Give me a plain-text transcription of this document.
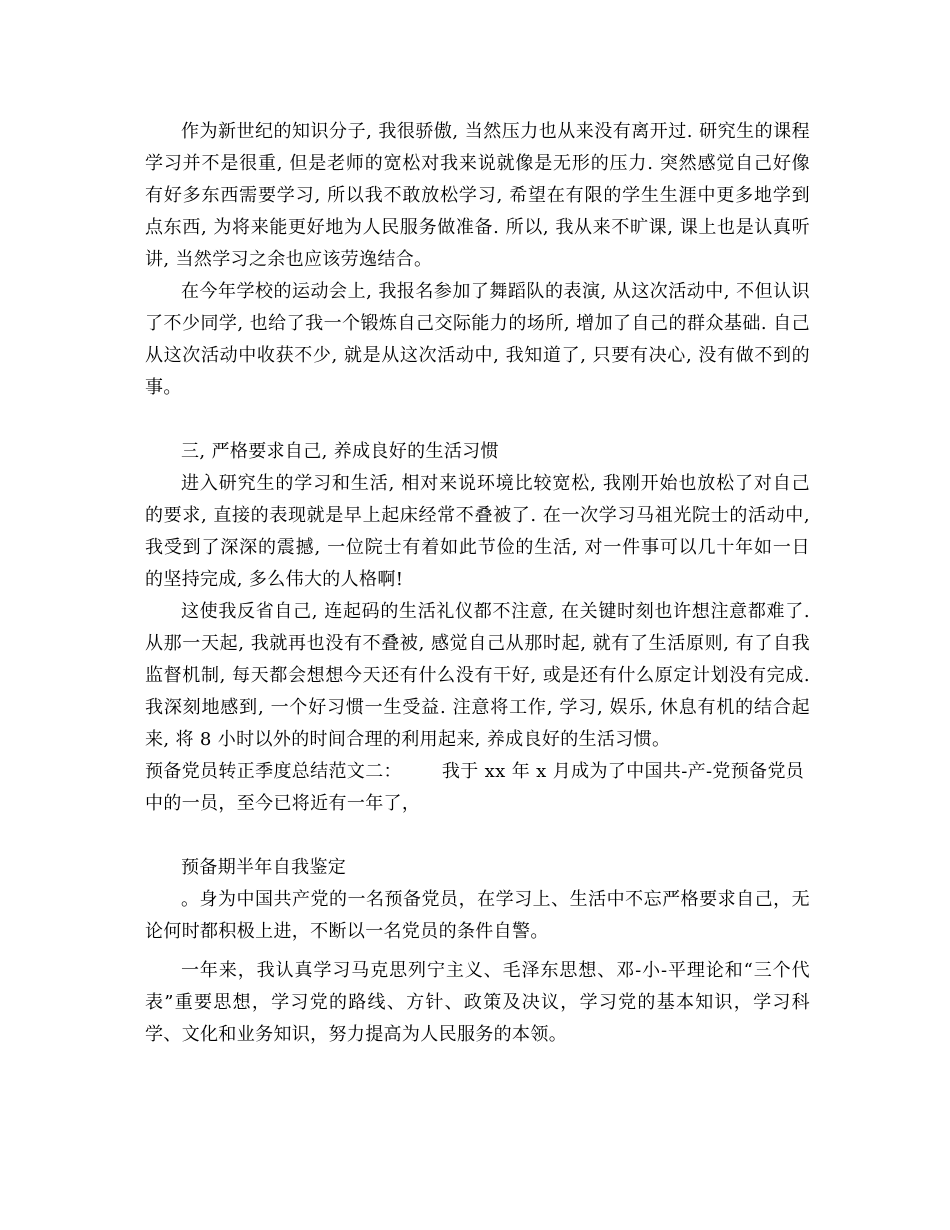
作为新世纪的知识分子, 我很骄傲, 当然压力也从来没有离开过. 研究生的课程学习并不是很重, 但是老师的宽松对我来说就像是无形的压力. 突然感觉自己好像有好多东西需要学习, 所以我不敢放松学习, 希望在有限的学生生涯中更多地学到点东西, 为将来能更好地为人民服务做准备. 所以, 我从来不旷课, 课上也是认真听讲, 当然学习之余也应该劳逸结合。

在今年学校的运动会上, 我报名参加了舞蹈队的表演, 从这次活动中, 不但认识了不少同学, 也给了我一个锻炼自己交际能力的场所, 增加了自己的群众基础. 自己从这次活动中收获不少, 就是从这次活动中, 我知道了, 只要有决心, 没有做不到的事。

三, 严格要求自己, 养成良好的生活习惯

进入研究生的学习和生活, 相对来说环境比较宽松, 我刚开始也放松了对自己的要求, 直接的表现就是早上起床经常不叠被了. 在一次学习马祖光院士的活动中, 我受到了深深的震撼, 一位院士有着如此节俭的生活, 对一件事可以几十年如一日的坚持完成, 多么伟大的人格啊!

这使我反省自己, 连起码的生活礼仪都不注意, 在关键时刻也许想注意都难了. 从那一天起, 我就再也没有不叠被, 感觉自己从那时起, 就有了生活原则, 有了自我监督机制, 每天都会想想今天还有什么没有干好, 或是还有什么原定计划没有完成. 我深刻地感到, 一个好习惯一生受益. 注意将工作, 学习, 娱乐, 休息有机的结合起来, 将 8 小时以外的时间合理的利用起来, 养成良好的生活习惯。

预备党员转正季度总结范文二： 我于 xx 年 x 月成为了中国共-产-党预备党员中的一员，至今已将近有一年了，

预备期半年自我鉴定

。身为中国共产党的一名预备党员，在学习上、生活中不忘严格要求自己，无论何时都积极上进，不断以一名党员的条件自警。

一年来，我认真学习马克思列宁主义、毛泽东思想、邓-小-平理论和“三个代表”重要思想，学习党的路线、方针、政策及决议，学习党的基本知识，学习科学、文化和业务知识，努力提高为人民服务的本领。
